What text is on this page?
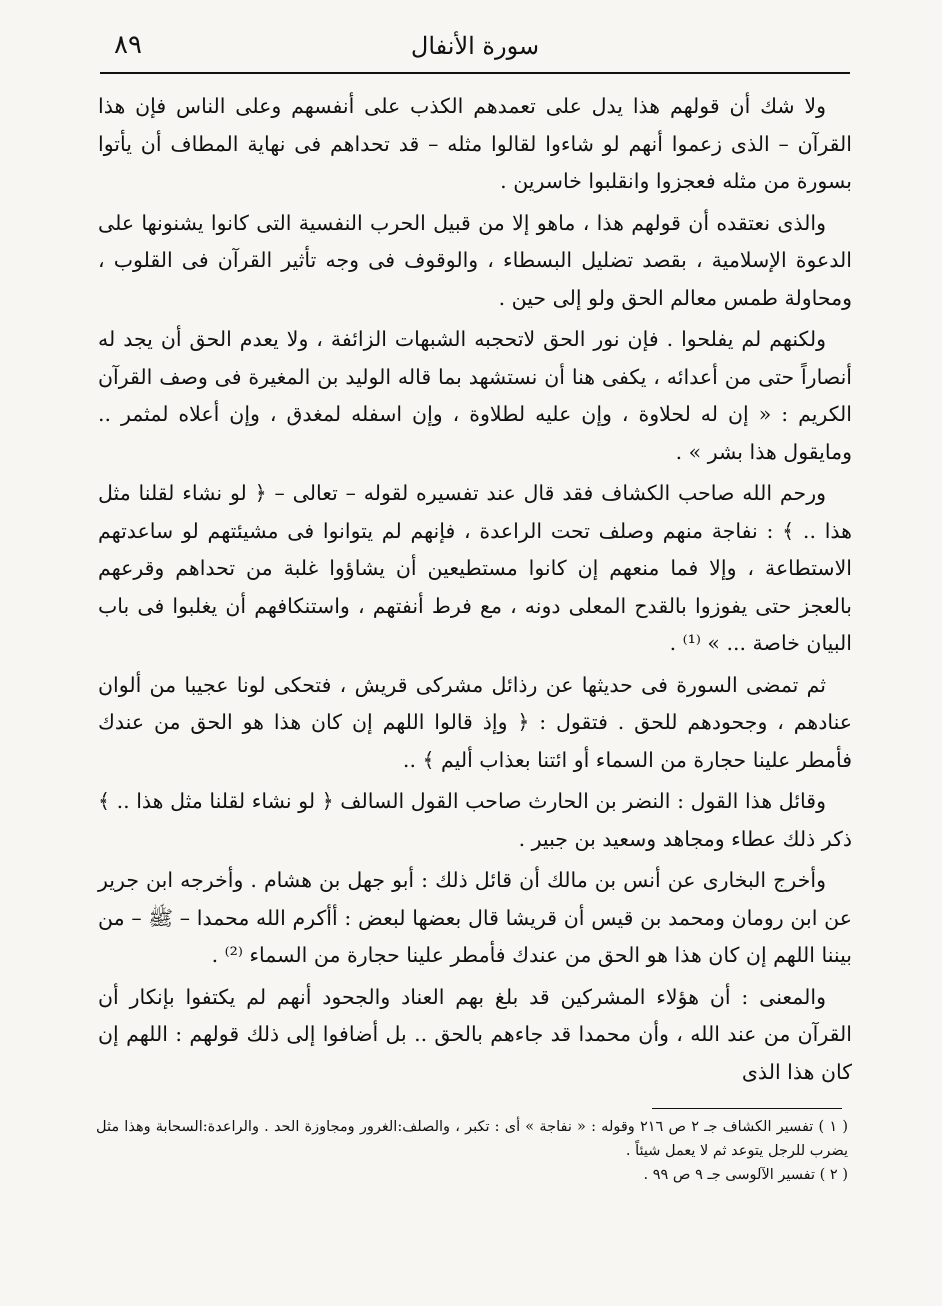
٨٩	سورة الأنفال

ولا شك أن قولهم هذا يدل على تعمدهم الكذب على أنفسهم وعلى الناس فإن هذا القرآن – الذى زعموا أنهم لو شاءوا لقالوا مثله – قد تحداهم فى نهاية المطاف أن يأتوا بسورة من مثله فعجزوا وانقلبوا خاسرين .

والذى نعتقده أن قولهم هذا ، ماهو إلا من قبيل الحرب النفسية التى كانوا يشنونها على الدعوة الإسلامية ، بقصد تضليل البسطاء ، والوقوف فى وجه تأثير القرآن فى القلوب ، ومحاولة طمس معالم الحق ولو إلى حين .

ولكنهم لم يفلحوا . فإن نور الحق لاتحجبه الشبهات الزائفة ، ولا يعدم الحق أن يجد له أنصاراً حتى من أعدائه ، يكفى هنا أن نستشهد بما قاله الوليد بن المغيرة فى وصف القرآن الكريم : « إن له لحلاوة ، وإن عليه لطلاوة ، وإن اسفله لمغدق ، وإن أعلاه لمثمر .. ومايقول هذا بشر » .

ورحم الله صاحب الكشاف فقد قال عند تفسيره لقوله – تعالى – ﴿ لو نشاء لقلنا مثل هذا .. ﴾ : نفاجة منهم وصلف تحت الراعدة ، فإنهم لم يتوانوا فى مشيئتهم لو ساعدتهم الاستطاعة ، وإلا فما منعهم إن كانوا مستطيعين أن يشاؤوا غلبة من تحداهم وقرعهم بالعجز حتى يفوزوا بالقدح المعلى دونه ، مع فرط أنفتهم ، واستنكافهم أن يغلبوا فى باب البيان خاصة ... » ⁽¹⁾ .

ثم تمضى السورة فى حديثها عن رذائل مشركى قريش ، فتحكى لونا عجيبا من ألوان عنادهم ، وجحودهم للحق . فتقول : ﴿ وإذ قالوا اللهم إن كان هذا هو الحق من عندك فأمطر علينا حجارة من السماء أو ائتنا بعذاب أليم ﴾ ..

وقائل هذا القول : النضر بن الحارث صاحب القول السالف ﴿ لو نشاء لقلنا مثل هذا .. ﴾ ذكر ذلك عطاء ومجاهد وسعيد بن جبير .

وأخرج البخارى عن أنس بن مالك أن قائل ذلك : أبو جهل بن هشام . وأخرجه ابن جرير عن ابن رومان ومحمد بن قيس أن قريشا قال بعضها لبعض : أأكرم الله محمدا – ﷺ – من بيننا اللهم إن كان هذا هو الحق من عندك فأمطر علينا حجارة من السماء ⁽²⁾ .

والمعنى : أن هؤلاء المشركين قد بلغ بهم العناد والجحود أنهم لم يكتفوا بإنكار أن القرآن من عند الله ، وأن محمدا قد جاءهم بالحق .. بل أضافوا إلى ذلك قولهم : اللهم إن كان هذا الذى

( ١ ) تفسير الكشاف جـ ٢ ص ٢١٦ وقوله : « نفاجة » أى : تكبر ، والصلف:الغرور ومجاوزة الحد . والراعدة:السحابة وهذا مثل يضرب للرجل يتوعد ثم لا يعمل شيئاً .

( ٢ ) تفسير الآلوسى جـ ٩ ص ٩٩ .
